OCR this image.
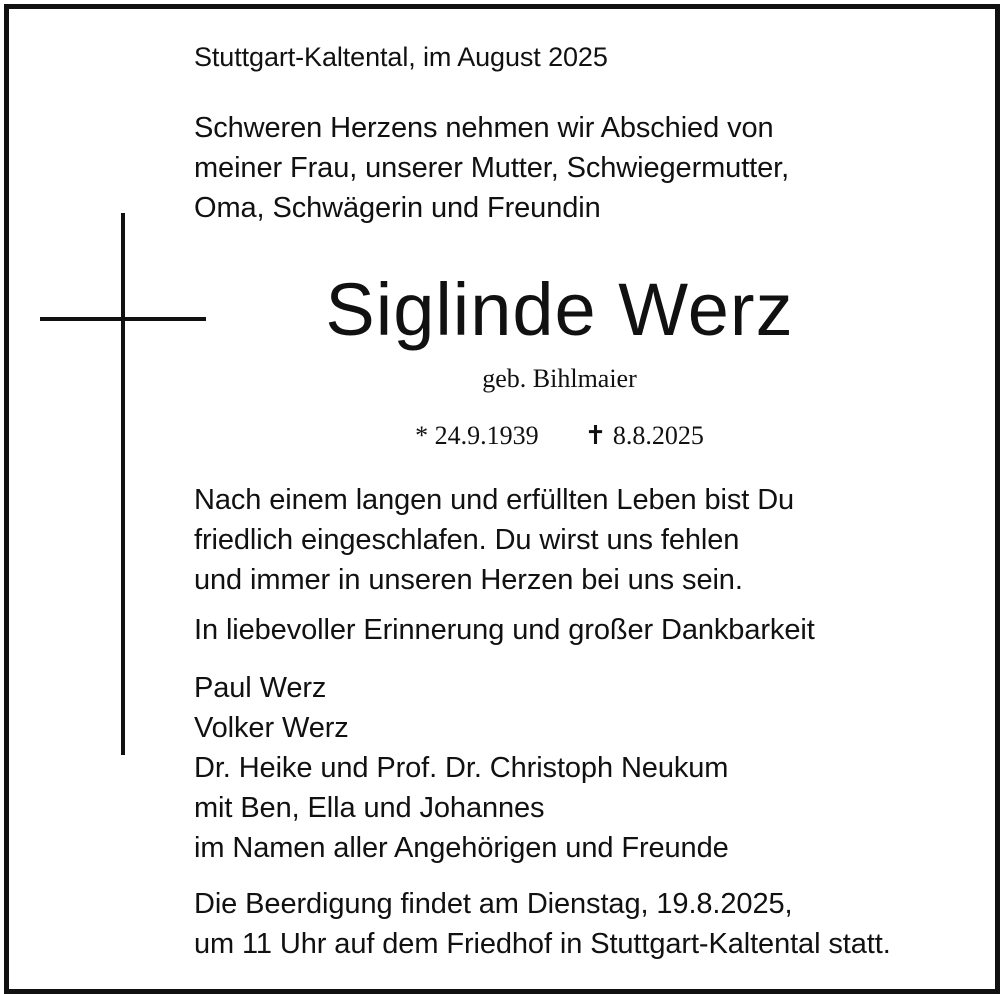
Stuttgart-Kaltental, im August 2025
Schweren Herzens nehmen wir Abschied von
meiner Frau, unserer Mutter, Schwiegermutter,
Oma, Schwägerin und Freundin
Siglinde Werz
geb. Bihlmaier
* 24.9.1939 ✝ 8.8.2025
Nach einem langen und erfüllten Leben bist Du
friedlich eingeschlafen. Du wirst uns fehlen
und immer in unseren Herzen bei uns sein.
In liebevoller Erinnerung und großer Dankbarkeit
Paul Werz
Volker Werz
Dr. Heike und Prof. Dr. Christoph Neukum
mit Ben, Ella und Johannes
im Namen aller Angehörigen und Freunde
Die Beerdigung findet am Dienstag, 19.8.2025,
um 11 Uhr auf dem Friedhof in Stuttgart-Kaltental statt.
